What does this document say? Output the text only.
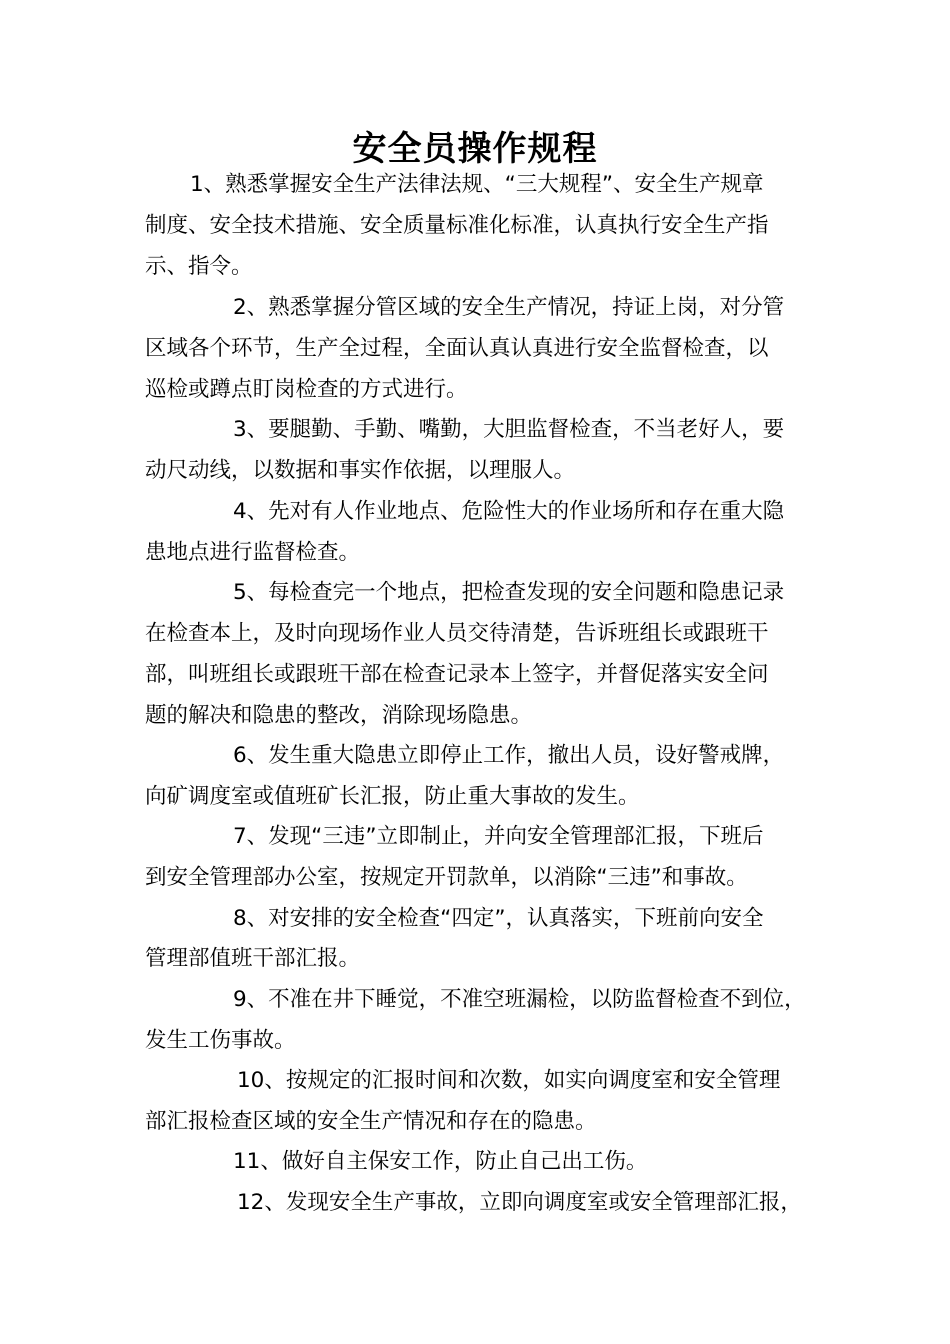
安全员操作规程
1、熟悉掌握安全生产法律法规、“三大规程”、安全生产规章
制度、安全技术措施、安全质量标准化标准，认真执行安全生产指
示、指令。
2、熟悉掌握分管区域的安全生产情况，持证上岗，对分管
区域各个环节，生产全过程，全面认真认真进行安全监督检查，以
巡检或蹲点盯岗检查的方式进行。
3、要腿勤、手勤、嘴勤，大胆监督检查，不当老好人，要
动尺动线，以数据和事实作依据，以理服人。
4、先对有人作业地点、危险性大的作业场所和存在重大隐
患地点进行监督检查。
5、每检查完一个地点，把检查发现的安全问题和隐患记录
在检查本上，及时向现场作业人员交待清楚，告诉班组长或跟班干
部，叫班组长或跟班干部在检查记录本上签字，并督促落实安全问
题的解决和隐患的整改，消除现场隐患。
6、发生重大隐患立即停止工作，撤出人员，设好警戒牌，
向矿调度室或值班矿长汇报，防止重大事故的发生。
7、发现“三违”立即制止，并向安全管理部汇报，下班后
到安全管理部办公室，按规定开罚款单，以消除“三违”和事故。
8、对安排的安全检查“四定”，认真落实，下班前向安全
管理部值班干部汇报。
9、不准在井下睡觉，不准空班漏检，以防监督检查不到位，
发生工伤事故。
10、按规定的汇报时间和次数，如实向调度室和安全管理
部汇报检查区域的安全生产情况和存在的隐患。
11、做好自主保安工作，防止自己出工伤。
12、发现安全生产事故，立即向调度室或安全管理部汇报，
